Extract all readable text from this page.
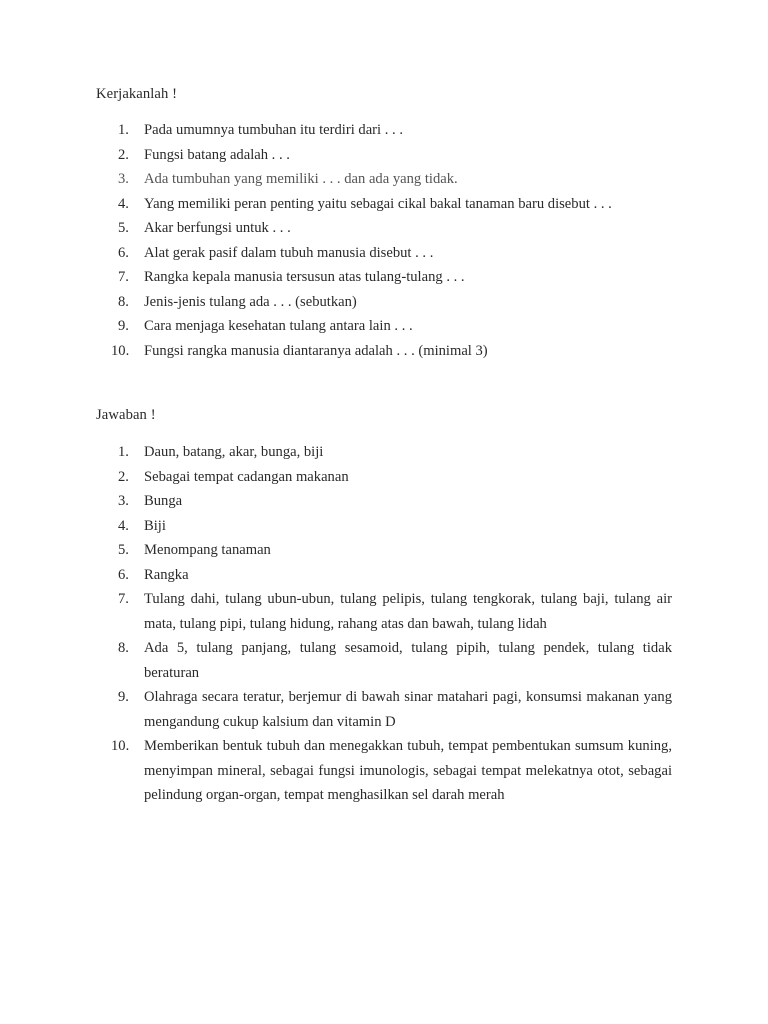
Kerjakanlah !
1. Pada umumnya tumbuhan itu terdiri dari . . .
2. Fungsi batang adalah . . .
3. Ada tumbuhan yang memiliki . . . dan ada yang tidak.
4. Yang memiliki peran penting yaitu sebagai cikal bakal tanaman baru disebut . . .
5. Akar berfungsi untuk . . .
6. Alat gerak pasif dalam tubuh manusia disebut . . .
7. Rangka kepala manusia tersusun atas tulang-tulang . . .
8. Jenis-jenis tulang ada . . . (sebutkan)
9. Cara menjaga kesehatan tulang antara lain . . .
10. Fungsi rangka manusia diantaranya adalah . . . (minimal 3)
Jawaban !
1. Daun, batang, akar, bunga, biji
2. Sebagai tempat cadangan makanan
3. Bunga
4. Biji
5. Menompang tanaman
6. Rangka
7. Tulang dahi, tulang ubun-ubun, tulang pelipis, tulang tengkorak, tulang baji, tulang air mata, tulang pipi, tulang hidung, rahang atas dan bawah, tulang lidah
8. Ada 5, tulang panjang, tulang sesamoid, tulang pipih, tulang pendek, tulang tidak beraturan
9. Olahraga secara teratur, berjemur di bawah sinar matahari pagi, konsumsi makanan yang mengandung cukup kalsium dan vitamin D
10. Memberikan bentuk tubuh dan menegakkan tubuh, tempat pembentukan sumsum kuning, menyimpan mineral, sebagai fungsi imunologis, sebagai tempat melekatnya otot, sebagai pelindung organ-organ, tempat menghasilkan sel darah merah
